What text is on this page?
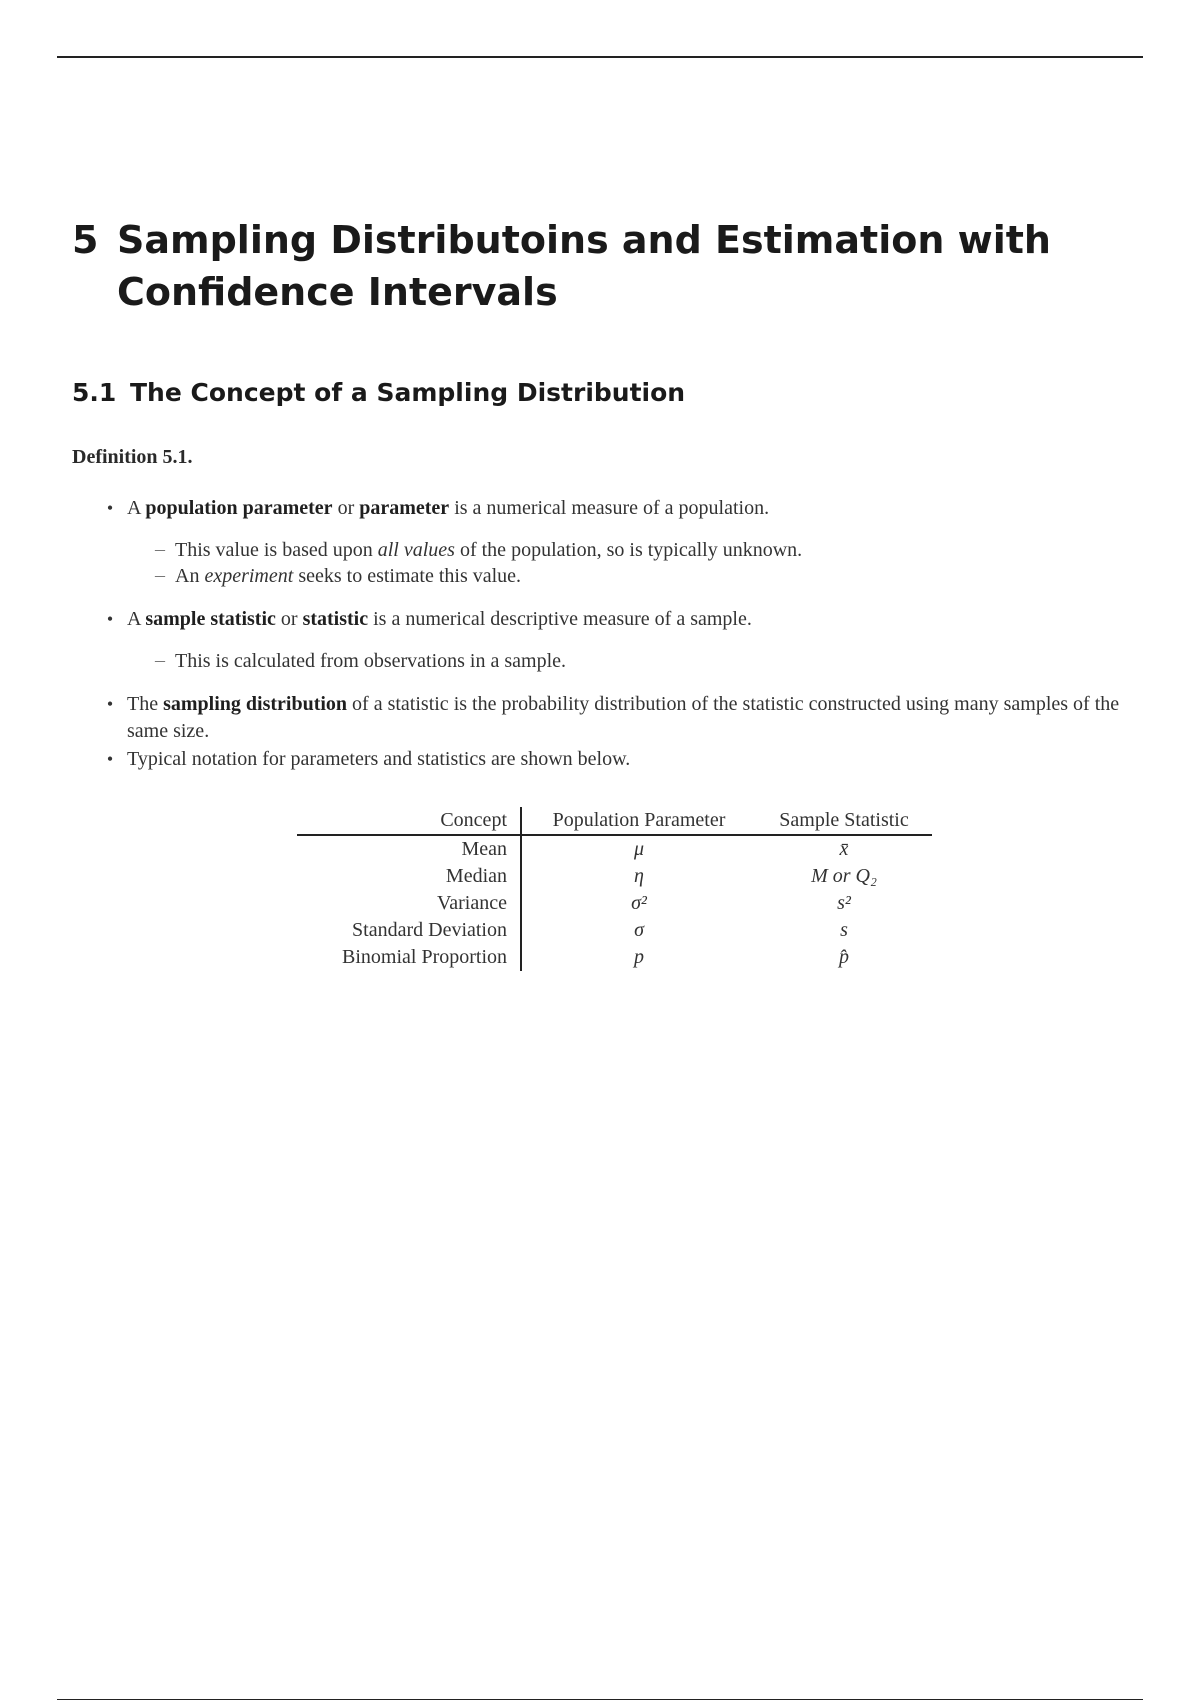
5 Sampling Distributoins and Estimation with Confidence Intervals
5.1 The Concept of a Sampling Distribution
Definition 5.1.
• A population parameter or parameter is a numerical measure of a population.
– This value is based upon all values of the population, so is typically unknown.
– An experiment seeks to estimate this value.
• A sample statistic or statistic is a numerical descriptive measure of a sample.
– This is calculated from observations in a sample.
• The sampling distribution of a statistic is the probability distribution of the statistic constructed using many samples of the same size.
• Typical notation for parameters and statistics are shown below.
Concept	Population Parameter	Sample Statistic
Mean	μ	x̄
Median	η	M or Q₂
Variance	σ²	s²
Standard Deviation	σ	s
Binomial Proportion	p	p̂
